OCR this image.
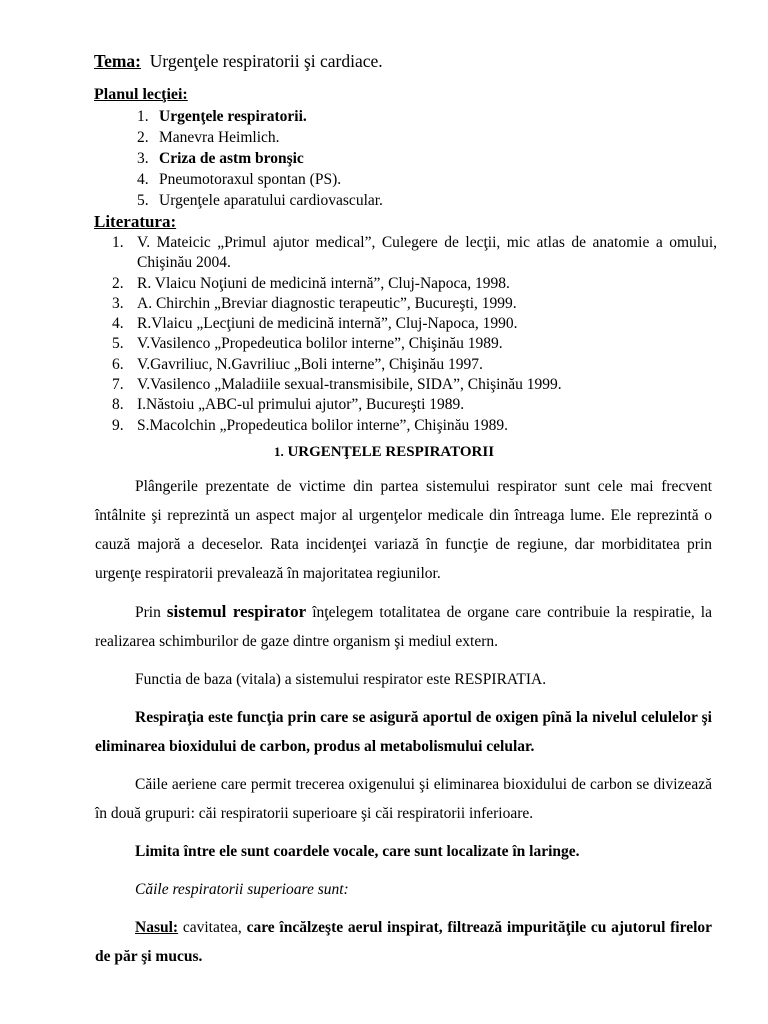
Tema: Urgenţele respiratorii şi cardiace.
Planul lecţiei:
1. Urgenţele respiratorii.
2. Manevra Heimlich.
3. Criza de astm bronşic
4. Pneumotoraxul spontan (PS).
5. Urgenţele aparatului cardiovascular.
Literatura:
1. V. Mateicic „Primul ajutor medical”, Culegere de lecţii, mic atlas de anatomie a omului, Chişinău 2004.
2. R. Vlaicu Noţiuni de medicină internă”, Cluj-Napoca, 1998.
3. A. Chirchin „Breviar diagnostic terapeutic”, Bucureşti, 1999.
4. R.Vlaicu „Lecţiuni de medicină internă”, Cluj-Napoca, 1990.
5. V.Vasilenco „Propedeutica bolilor interne”, Chişinău 1989.
6. V.Gavriliuc, N.Gavriliuc „Boli interne”, Chişinău 1997.
7. V.Vasilenco „Maladiile sexual-transmisibile, SIDA”, Chişinău 1999.
8. I.Năstoiu „ABC-ul primului ajutor”, Bucureşti 1989.
9. S.Macolchin „Propedeutica bolilor interne”, Chişinău 1989.
1. URGENŢELE RESPIRATORII

Plângerile prezentate de victime din partea sistemului respirator sunt cele mai frecvent întâlnite şi reprezintă un aspect major al urgenţelor medicale din întreaga lume. Ele reprezintă o cauză majoră a deceselor. Rata incidenţei variază în funcţie de regiune, dar morbiditatea prin urgenţe respiratorii prevalează în majoritatea regiunilor.

Prin sistemul respirator înţelegem totalitatea de organe care contribuie la respiratie, la realizarea schimburilor de gaze dintre organism şi mediul extern.

Functia de baza (vitala) a sistemului respirator este RESPIRATIA.

Respiraţia este funcţia prin care se asigură aportul de oxigen pînă la nivelul celulelor şi eliminarea bioxidului de carbon, produs al metabolismului celular.

Căile aeriene care permit trecerea oxigenului şi eliminarea bioxidului de carbon se divizează în două grupuri: căi respiratorii superioare şi căi respiratorii inferioare.

Limita între ele sunt coardele vocale, care sunt localizate în laringe.

Căile respiratorii superioare sunt:

Nasul: cavitatea, care încălzeşte aerul inspirat, filtrează impurităţile cu ajutorul firelor de păr şi mucus.
